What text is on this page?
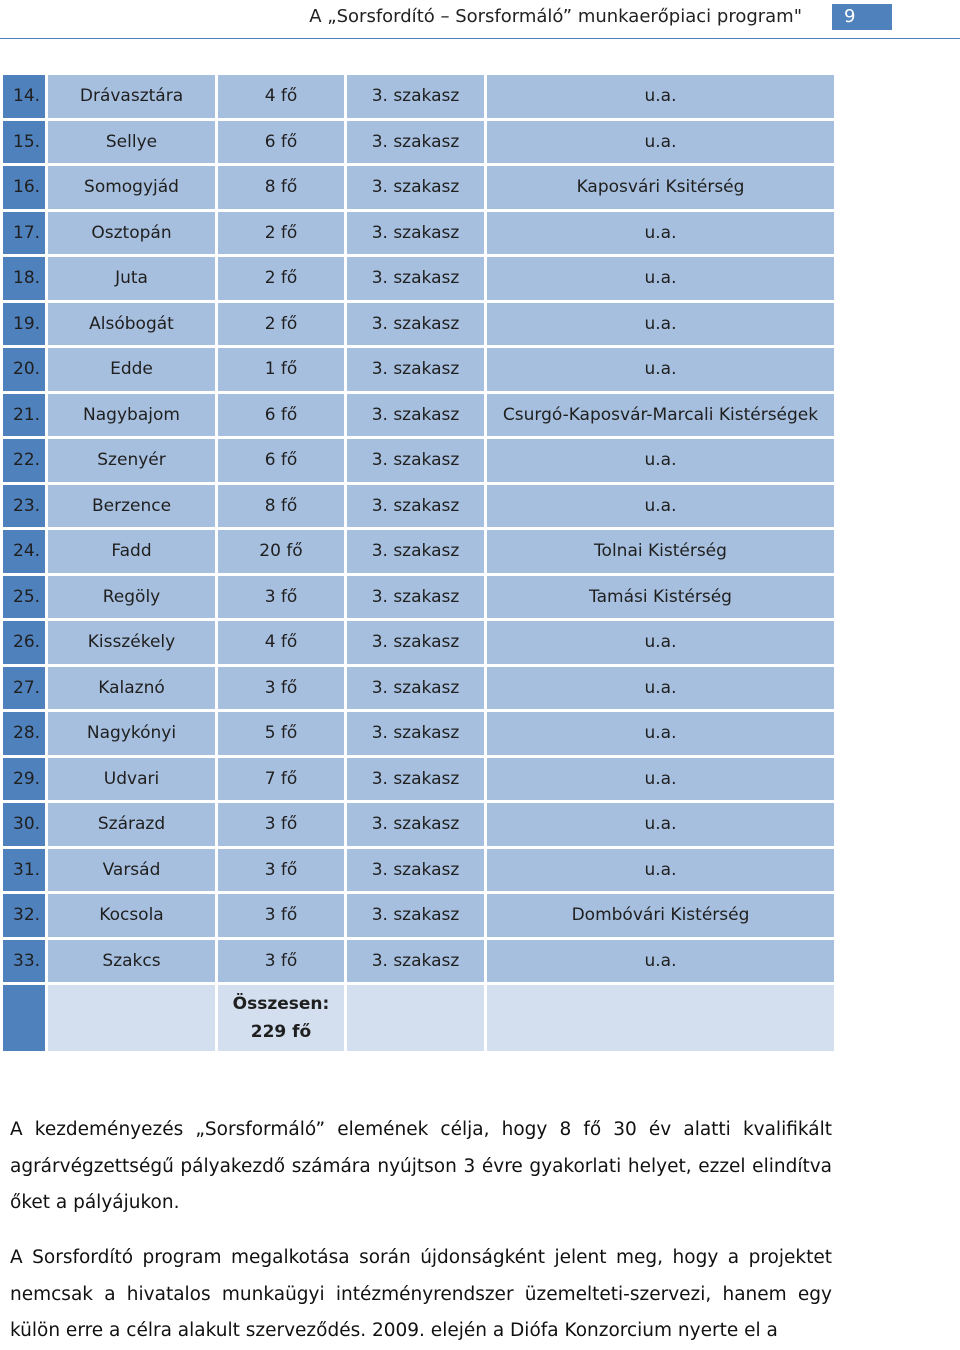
A „Sorsfordító – Sorsformáló” munkaerőpiaci program"	9
14.	Drávasztára	4 fő	3. szakasz	u.a.
15.	Sellye	6 fő	3. szakasz	u.a.
16.	Somogyjád	8 fő	3. szakasz	Kaposvári Ksitérség
17.	Osztopán	2 fő	3. szakasz	u.a.
18.	Juta	2 fő	3. szakasz	u.a.
19.	Alsóbogát	2 fő	3. szakasz	u.a.
20.	Edde	1 fő	3. szakasz	u.a.
21.	Nagybajom	6 fő	3. szakasz	Csurgó-Kaposvár-Marcali Kistérségek
22.	Szenyér	6 fő	3. szakasz	u.a.
23.	Berzence	8 fő	3. szakasz	u.a.
24.	Fadd	20 fő	3. szakasz	Tolnai Kistérség
25.	Regöly	3 fő	3. szakasz	Tamási Kistérség
26.	Kisszékely	4 fő	3. szakasz	u.a.
27.	Kalaznó	3 fő	3. szakasz	u.a.
28.	Nagykónyi	5 fő	3. szakasz	u.a.
29.	Udvari	7 fő	3. szakasz	u.a.
30.	Szárazd	3 fő	3. szakasz	u.a.
31.	Varsád	3 fő	3. szakasz	u.a.
32.	Kocsola	3 fő	3. szakasz	Dombóvári Kistérség
33.	Szakcs	3 fő	3. szakasz	u.a.

		Összesen:
229 fő		

A kezdeményezés „Sorsformáló” elemének célja, hogy 8 fő 30 év alatti kvalifikált agrárvégzettségű pályakezdő számára nyújtson 3 évre gyakorlati helyet, ezzel elindítva őket a pályájukon.
A Sorsfordító program megalkotása során újdonságként jelent meg, hogy a projektet nemcsak a hivatalos munkaügyi intézményrendszer üzemelteti-szervezi, hanem egy külön erre a célra alakult szerveződés. 2009. elején a Diófa Konzorcium nyerte el a
